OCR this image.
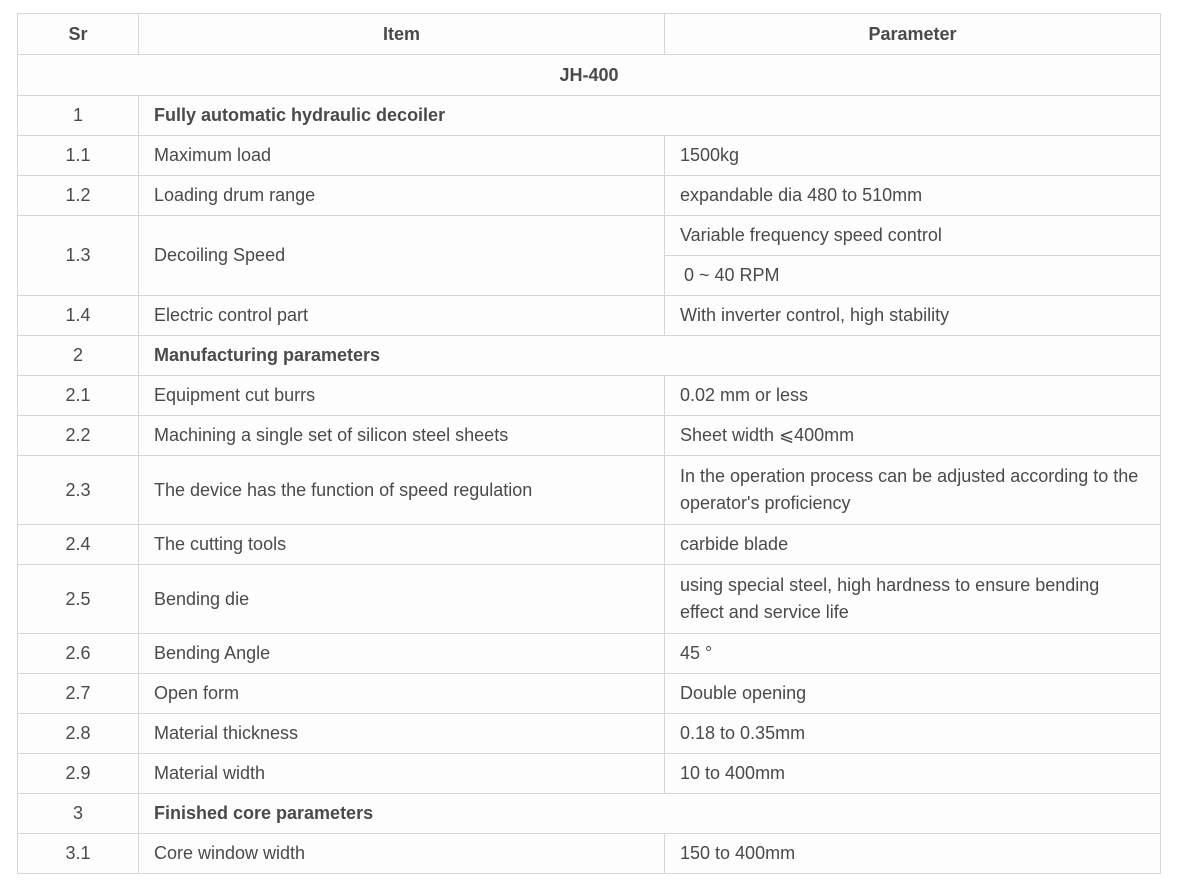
Sr	Item	Parameter
JH-400		
1	Fully automatic hydraulic decoiler	
1.1	Maximum load	1500kg
1.2	Loading drum range	expandable dia 480 to 510mm
1.3	Decoiling Speed	Variable frequency speed control
		0 ~ 40 RPM
1.4	Electric control part	With inverter control, high stability
2	Manufacturing parameters	
2.1	Equipment cut burrs	0.02 mm or less
2.2	Machining a single set of silicon steel sheets	Sheet width ⩽400mm
2.3	The device has the function of speed regulation	In the operation process can be adjusted according to the operator's proficiency
2.4	The cutting tools	carbide blade
2.5	Bending die	using special steel, high hardness to ensure bending effect and service life
2.6	Bending Angle	45 °
2.7	Open form	Double opening
2.8	Material thickness	0.18 to 0.35mm
2.9	Material width	10 to 400mm
3	Finished core parameters	
3.1	Core window width	150 to 400mm
